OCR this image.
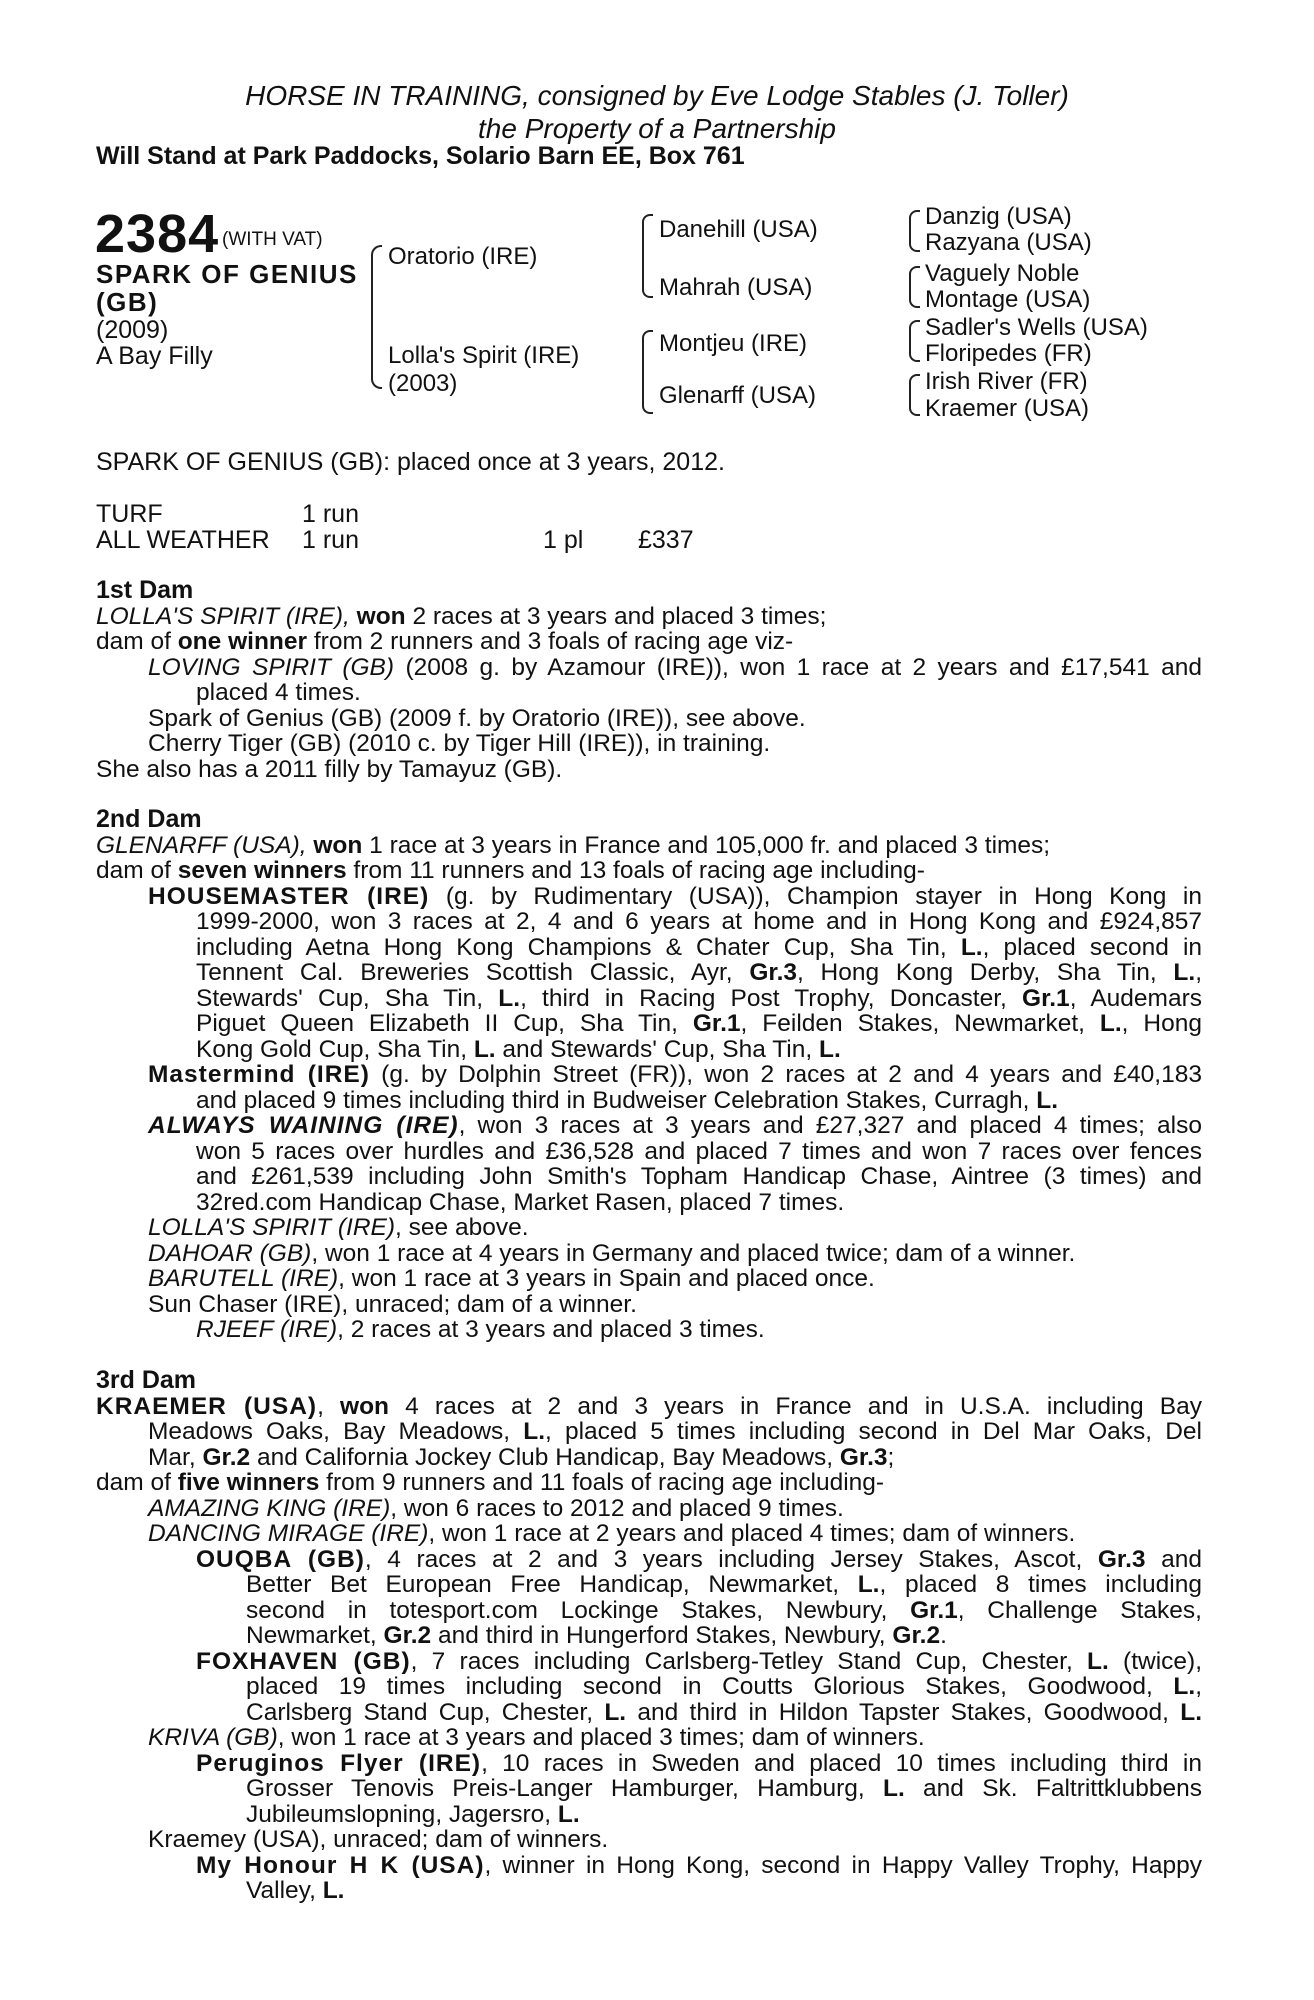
HORSE IN TRAINING, consigned by Eve Lodge Stables (J. Toller)
the Property of a Partnership
Will Stand at Park Paddocks, Solario Barn EE, Box 761
2384 (WITH VAT)
SPARK OF GENIUS
(GB)
(2009)
A Bay Filly
Oratorio (IRE)
Lolla's Spirit (IRE)
(2003)
Danehill (USA)
Mahrah (USA)
Montjeu (IRE)
Glenarff (USA)
Danzig (USA)
Razyana (USA)
Vaguely Noble
Montage (USA)
Sadler's Wells (USA)
Floripedes (FR)
Irish River (FR)
Kraemer (USA)
SPARK OF GENIUS (GB): placed once at 3 years, 2012.
TURF	1 run
ALL WEATHER 1 run	1 pl £337
1st Dam
LOLLA'S SPIRIT (IRE), won 2 races at 3 years and placed 3 times;
dam of one winner from 2 runners and 3 foals of racing age viz-
LOVING SPIRIT (GB) (2008 g. by Azamour (IRE)), won 1 race at 2 years and £17,541 and
placed 4 times.
Spark of Genius (GB) (2009 f. by Oratorio (IRE)), see above.
Cherry Tiger (GB) (2010 c. by Tiger Hill (IRE)), in training.
She also has a 2011 filly by Tamayuz (GB).
2nd Dam
GLENARFF (USA), won 1 race at 3 years in France and 105,000 fr. and placed 3 times;
dam of seven winners from 11 runners and 13 foals of racing age including-
HOUSEMASTER (IRE) (g. by Rudimentary (USA)), Champion stayer in Hong Kong in
1999-2000, won 3 races at 2, 4 and 6 years at home and in Hong Kong and £924,857
including Aetna Hong Kong Champions & Chater Cup, Sha Tin, L., placed second in
Tennent Cal. Breweries Scottish Classic, Ayr, Gr.3, Hong Kong Derby, Sha Tin, L.,
Stewards' Cup, Sha Tin, L., third in Racing Post Trophy, Doncaster, Gr.1, Audemars
Piguet Queen Elizabeth II Cup, Sha Tin, Gr.1, Feilden Stakes, Newmarket, L., Hong
Kong Gold Cup, Sha Tin, L. and Stewards' Cup, Sha Tin, L.
Mastermind (IRE) (g. by Dolphin Street (FR)), won 2 races at 2 and 4 years and £40,183
and placed 9 times including third in Budweiser Celebration Stakes, Curragh, L.
ALWAYS WAINING (IRE), won 3 races at 3 years and £27,327 and placed 4 times; also
won 5 races over hurdles and £36,528 and placed 7 times and won 7 races over fences
and £261,539 including John Smith's Topham Handicap Chase, Aintree (3 times) and
32red.com Handicap Chase, Market Rasen, placed 7 times.
LOLLA'S SPIRIT (IRE), see above.
DAHOAR (GB), won 1 race at 4 years in Germany and placed twice; dam of a winner.
BARUTELL (IRE), won 1 race at 3 years in Spain and placed once.
Sun Chaser (IRE), unraced; dam of a winner.
RJEEF (IRE), 2 races at 3 years and placed 3 times.
3rd Dam
KRAEMER (USA), won 4 races at 2 and 3 years in France and in U.S.A. including Bay
Meadows Oaks, Bay Meadows, L., placed 5 times including second in Del Mar Oaks, Del
Mar, Gr.2 and California Jockey Club Handicap, Bay Meadows, Gr.3;
dam of five winners from 9 runners and 11 foals of racing age including-
AMAZING KING (IRE), won 6 races to 2012 and placed 9 times.
DANCING MIRAGE (IRE), won 1 race at 2 years and placed 4 times; dam of winners.
OUQBA (GB), 4 races at 2 and 3 years including Jersey Stakes, Ascot, Gr.3 and
Better Bet European Free Handicap, Newmarket, L., placed 8 times including
second in totesport.com Lockinge Stakes, Newbury, Gr.1, Challenge Stakes,
Newmarket, Gr.2 and third in Hungerford Stakes, Newbury, Gr.2.
FOXHAVEN (GB), 7 races including Carlsberg-Tetley Stand Cup, Chester, L. (twice),
placed 19 times including second in Coutts Glorious Stakes, Goodwood, L.,
Carlsberg Stand Cup, Chester, L. and third in Hildon Tapster Stakes, Goodwood, L.
KRIVA (GB), won 1 race at 3 years and placed 3 times; dam of winners.
Peruginos Flyer (IRE), 10 races in Sweden and placed 10 times including third in
Grosser Tenovis Preis-Langer Hamburger, Hamburg, L. and Sk. Faltrittklubbens
Jubileumslopning, Jagersro, L.
Kraemey (USA), unraced; dam of winners.
My Honour H K (USA), winner in Hong Kong, second in Happy Valley Trophy, Happy
Valley, L.
